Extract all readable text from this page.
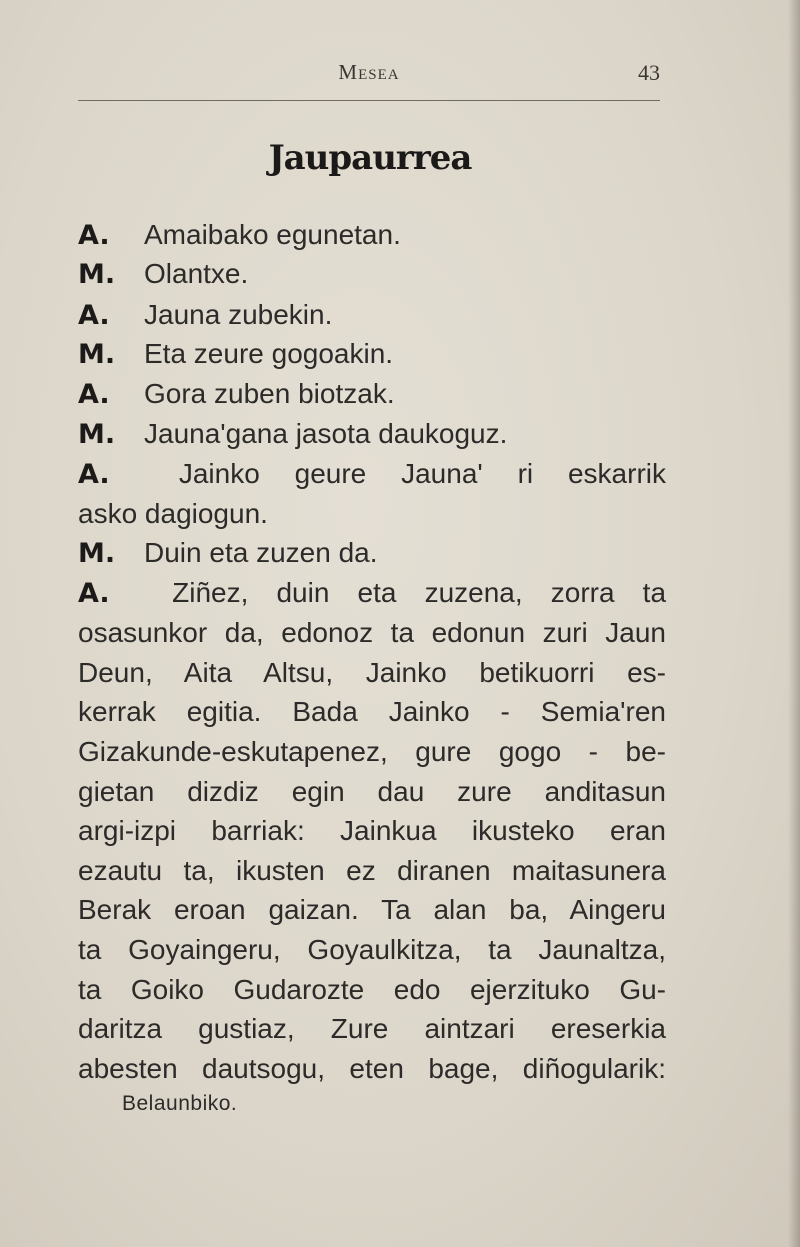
Mesea	43
Jaupaurrea
A. Amaibako egunetan.
M. Olantxe.
A. Jauna zubekin.
M. Eta zeure gogoakin.
A. Gora zuben biotzak.
M. Jauna'gana jasota daukoguz.
A. Jainko geure Jauna' ri eskarrik
asko dagiogun.
M. Duin eta zuzen da.
A. Ziñez, duin eta zuzena, zorra ta
osasunkor da, edonoz ta edonun zuri Jaun
Deun, Aita Altsu, Jainko betikuorri es-
kerrak egitia. Bada Jainko - Semia'ren
Gizakunde-eskutapenez, gure gogo - be-
gietan dizdiz egin dau zure anditasun
argi-izpi barriak: Jainkua ikusteko eran
ezautu ta, ikusten ez diranen maitasunera
Berak eroan gaizan. Ta alan ba, Aingeru
ta Goyaingeru, Goyaulkitza, ta Jaunaltza,
ta Goiko Gudarozte edo ejerzituko Gu-
daritza gustiaz, Zure aintzari ereserkia
abesten dautsogu, eten bage, diñogularik:
Belaunbiko.
